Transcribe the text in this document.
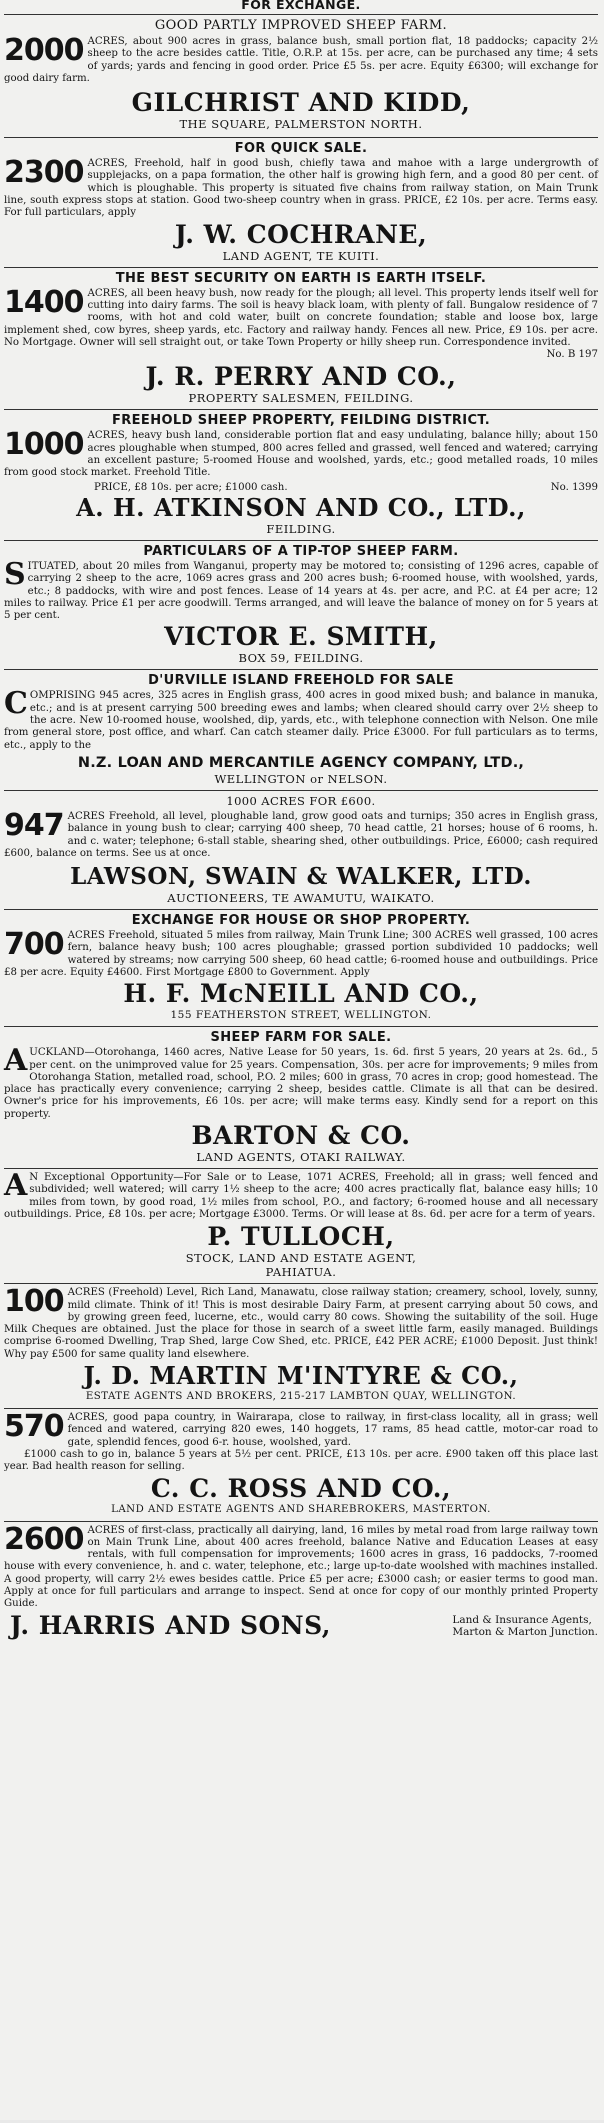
FOR EXCHANGE.
GOOD PARTLY IMPROVED SHEEP FARM.
2000 ACRES, about 900 acres in grass, balance bush, small portion flat, 18 paddocks; capacity 2½ sheep to the acre besides cattle. Title, O.R.P. at 15s. per acre, can be purchased any time; 4 sets of yards; yards and fencing in good order. Price £5 5s. per acre. Equity £6300; will exchange for good dairy farm.
GILCHRIST AND KIDD,
THE SQUARE, PALMERSTON NORTH.
FOR QUICK SALE.
2300 ACRES, Freehold, half in good bush, chiefly tawa and mahoe with a large undergrowth of supplejacks, on a papa formation, the other half is growing high fern, and a good 80 per cent. of which is ploughable. This property is situated five chains from railway station, on Main Trunk line, south express stops at station. Good two-sheep country when in grass. PRICE, £2 10s. per acre. Terms easy. For full particulars, apply
J. W. COCHRANE,
LAND AGENT, TE KUITI.
THE BEST SECURITY ON EARTH IS EARTH ITSELF.
1400 ACRES, all been heavy bush, now ready for the plough; all level. This property lends itself well for cutting into dairy farms. The soil is heavy black loam, with plenty of fall. Bungalow residence of 7 rooms, with hot and cold water, built on concrete foundation; stable and loose box, large implement shed, cow byres, sheep yards, etc. Factory and railway handy. Fences all new. Price, £9 10s. per acre. No Mortgage. Owner will sell straight out, or take Town Property or hilly sheep run. Correspondence invited.
No. B 197
J. R. PERRY AND CO.,
PROPERTY SALESMEN, FEILDING.
FREEHOLD SHEEP PROPERTY, FEILDING DISTRICT.
1000 ACRES, heavy bush land, considerable portion flat and easy undulating, balance hilly; about 150 acres ploughable when stumped, 800 acres felled and grassed, well fenced and watered; carrying an excellent pasture; 5-roomed House and woolshed, yards, etc.; good metalled roads, 10 miles from good stock market. Freehold Title.
PRICE, £8 10s. per acre; £1000 cash.	No. 1399
A. H. ATKINSON AND CO., LTD.,
FEILDING.
PARTICULARS OF A TIP-TOP SHEEP FARM.
S ITUATED, about 20 miles from Wanganui, property may be motored to; consisting of 1296 acres, capable of carrying 2 sheep to the acre, 1069 acres grass and 200 acres bush; 6-roomed house, with woolshed, yards, etc.; 8 paddocks, with wire and post fences. Lease of 14 years at 4s. per acre, and P.C. at £4 per acre; 12 miles to railway. Price £1 per acre goodwill. Terms arranged, and will leave the balance of money on for 5 years at 5 per cent.
VICTOR E. SMITH,
BOX 59, FEILDING.
D'URVILLE ISLAND FREEHOLD FOR SALE
C OMPRISING 945 acres, 325 acres in English grass, 400 acres in good mixed bush; and balance in manuka, etc.; and is at present carrying 500 breeding ewes and lambs; when cleared should carry over 2½ sheep to the acre. New 10-roomed house, woolshed, dip, yards, etc., with telephone connection with Nelson. One mile from general store, post office, and wharf. Can catch steamer daily. Price £3000. For full particulars as to terms, etc., apply to the
N.Z. LOAN AND MERCANTILE AGENCY COMPANY, LTD.,
WELLINGTON or NELSON.
1000 ACRES FOR £600.
947 ACRES Freehold, all level, ploughable land, grow good oats and turnips; 350 acres in English grass, balance in young bush to clear; carrying 400 sheep, 70 head cattle, 21 horses; house of 6 rooms, h. and c. water; telephone; 6-stall stable, shearing shed, other outbuildings. Price, £6000; cash required £600, balance on terms. See us at once.
LAWSON, SWAIN & WALKER, LTD.
AUCTIONEERS, TE AWAMUTU, WAIKATO.
EXCHANGE FOR HOUSE OR SHOP PROPERTY.
700 ACRES Freehold, situated 5 miles from railway, Main Trunk Line; 300 ACRES well grassed, 100 acres fern, balance heavy bush; 100 acres ploughable; grassed portion subdivided 10 paddocks; well watered by streams; now carrying 500 sheep, 60 head cattle; 6-roomed house and outbuildings. Price £8 per acre. Equity £4600. First Mortgage £800 to Government. Apply
H. F. McNEILL AND CO.,
155 FEATHERSTON STREET, WELLINGTON.
SHEEP FARM FOR SALE.
A UCKLAND—Otorohanga, 1460 acres, Native Lease for 50 years, 1s. 6d. first 5 years, 20 years at 2s. 6d., 5 per cent. on the unimproved value for 25 years. Compensation, 30s. per acre for improvements; 9 miles from Otorohanga Station, metalled road, school, P.O. 2 miles; 600 in grass, 70 acres in crop; good homestead. The place has practically every convenience; carrying 2 sheep, besides cattle. Climate is all that can be desired. Owner's price for his improvements, £6 10s. per acre; will make terms easy. Kindly send for a report on this property.
BARTON & CO.
LAND AGENTS, OTAKI RAILWAY.
A N Exceptional Opportunity—For Sale or to Lease, 1071 ACRES, Freehold; all in grass; well fenced and subdivided; well watered; will carry 1½ sheep to the acre; 400 acres practically flat, balance easy hills; 10 miles from town, by good road, 1½ miles from school, P.O., and factory; 6-roomed house and all necessary outbuildings. Price, £8 10s. per acre; Mortgage £3000. Terms. Or will lease at 8s. 6d. per acre for a term of years.
P. TULLOCH,
STOCK, LAND AND ESTATE AGENT,
PAHIATUA.
100 ACRES (Freehold) Level, Rich Land, Manawatu, close railway station; creamery, school, lovely, sunny, mild climate. Think of it! This is most desirable Dairy Farm, at present carrying about 50 cows, and by growing green feed, lucerne, etc., would carry 80 cows. Showing the suitability of the soil. Huge Milk Cheques are obtained. Just the place for those in search of a sweet little farm, easily managed. Buildings comprise 6-roomed Dwelling, Trap Shed, large Cow Shed, etc. PRICE, £42 PER ACRE; £1000 Deposit. Just think! Why pay £500 for same quality land elsewhere.
J. D. MARTIN M'INTYRE & CO.,
ESTATE AGENTS AND BROKERS, 215-217 LAMBTON QUAY, WELLINGTON.
570 ACRES, good papa country, in Wairarapa, close to railway, in first-class locality, all in grass; well fenced and watered, carrying 820 ewes, 140 hoggets, 17 rams, 85 head cattle, motor-car road to gate, splendid fences, good 6-r. house, woolshed, yard.
£1000 cash to go in, balance 5 years at 5½ per cent. PRICE, £13 10s. per acre. £900 taken off this place last year. Bad health reason for selling.
C. C. ROSS AND CO.,
LAND AND ESTATE AGENTS AND SHAREBROKERS, MASTERTON.
2600 ACRES of first-class, practically all dairying, land, 16 miles by metal road from large railway town on Main Trunk Line, about 400 acres freehold, balance Native and Education Leases at easy rentals, with full compensation for improvements; 1600 acres in grass, 16 paddocks, 7-roomed house with every convenience, h. and c. water, telephone, etc.; large up-to-date woolshed with machines installed. A good property, will carry 2½ ewes besides cattle. Price £5 per acre; £3000 cash; or easier terms to good man. Apply at once for full particulars and arrange to inspect. Send at once for copy of our monthly printed Property Guide.
J. HARRIS AND SONS,	Land & Insurance Agents,
Marton & Marton Junction.
